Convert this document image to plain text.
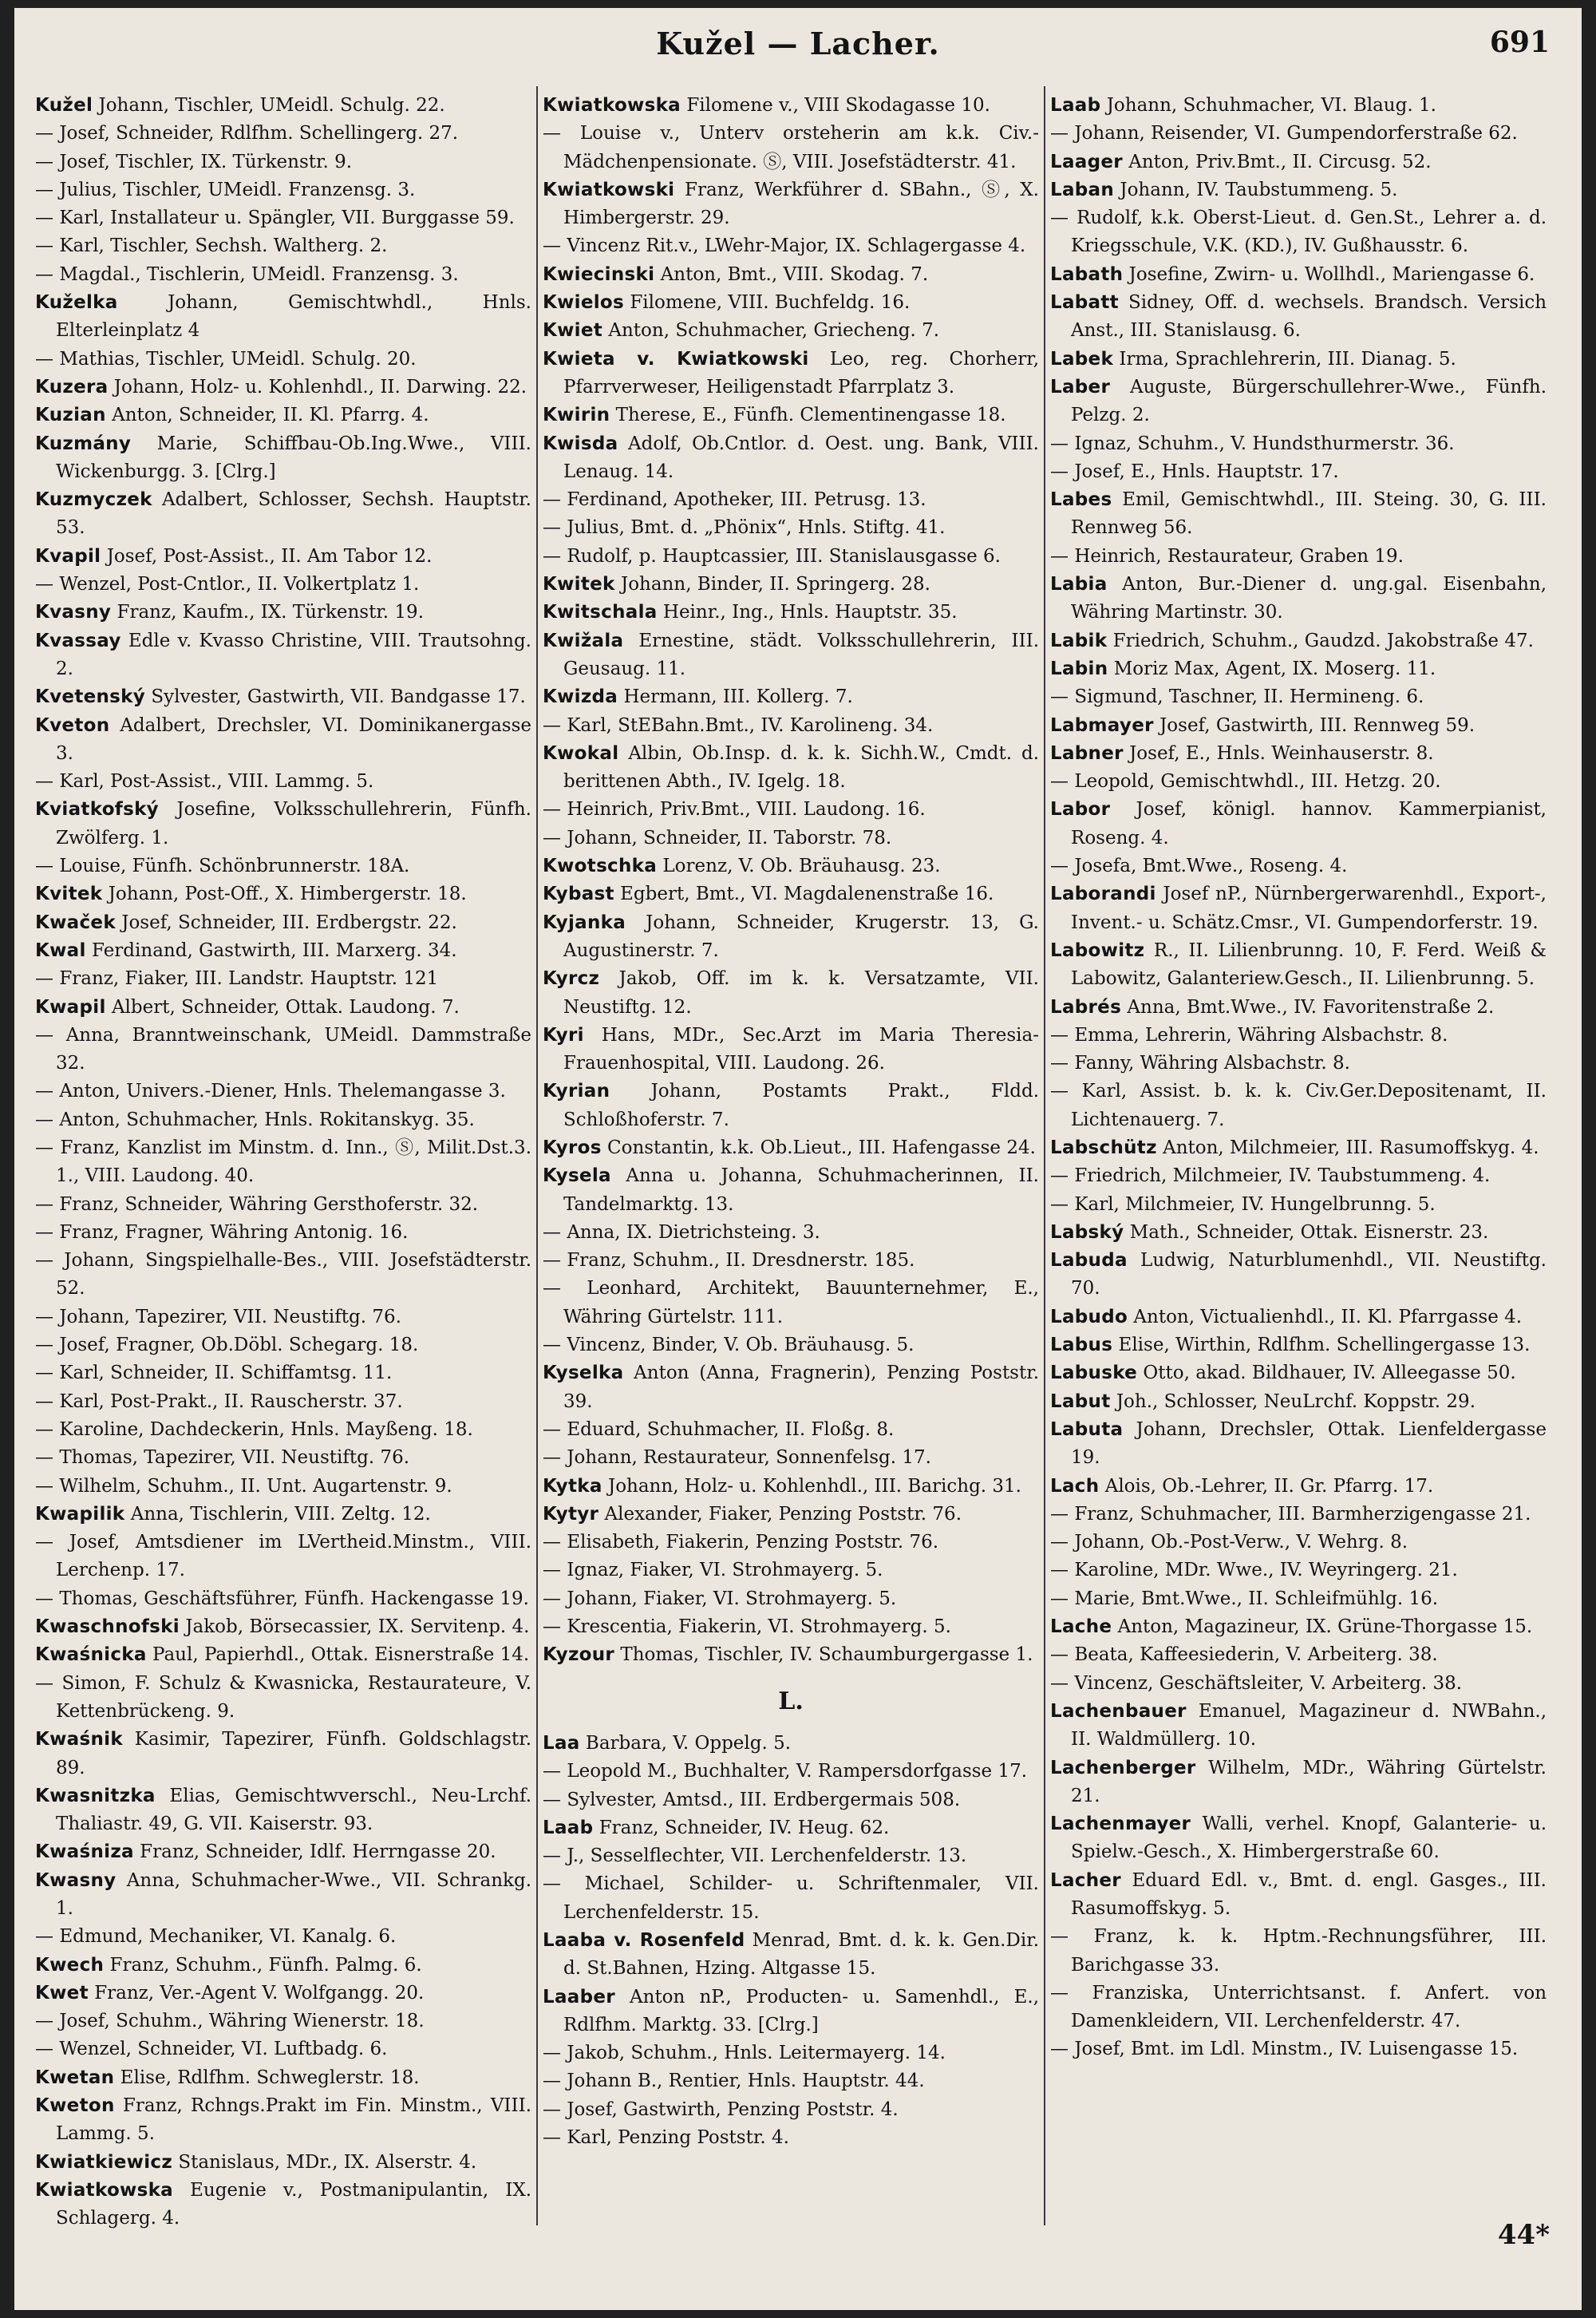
Kužel — Lacher.	691

Kužel Johann, Tischler, UMeidl. Schulg. 22.

— Josef, Schneider, Rdlfhm. Schellingerg. 27.

— Josef, Tischler, IX. Türkenstr. 9.

— Julius, Tischler, UMeidl. Franzensg. 3.

— Karl, Installateur u. Spängler, VII. Burggasse 59.

— Karl, Tischler, Sechsh. Waltherg. 2.

— Magdal., Tischlerin, UMeidl. Franzensg. 3.

Kuželka	Johann, Gemischtwhdl., Hnls. Elterleinplatz 4

— Mathias, Tischler, UMeidl. Schulg. 20.

Kuzera Johann, Holz- u. Kohlenhdl., II. Darwing. 22.

Kuzian Anton, Schneider, II. Kl. Pfarrg. 4.

Kuzmány Marie, Schiffbau-Ob.Ing.Wwe., VIII. Wickenburgg. 3. [Clrg.]

Kuzmyczek Adalbert, Schlosser, Sechsh. Hauptstr. 53.

Kvapil Josef, Post-Assist., II. Am Tabor 12.

— Wenzel, Post-Cntlor., II. Volkertplatz 1.

Kvasny Franz, Kaufm., IX. Türkenstr. 19.

Kvassay Edle v. Kvasso Christine, VIII. Trautsohng. 2.

Kvetenský Sylvester, Gastwirth, VII. Bandgasse 17.

Kveton Adalbert, Drechsler, VI. Dominikanergasse 3.

— Karl, Post-Assist., VIII. Lammg. 5.

Kviatkofský Josefine, Volksschullehrerin, Fünfh. Zwölferg. 1.

— Louise, Fünfh. Schönbrunnerstr. 18A.

Kvitek Johann, Post-Off., X. Himbergerstr. 18.

Kwaček Josef, Schneider, III. Erdbergstr. 22.

Kwal Ferdinand, Gastwirth, III. Marxerg. 34.

— Franz, Fiaker, III. Landstr. Hauptstr. 121

Kwapil Albert, Schneider, Ottak. Laudong. 7.

— Anna, Branntweinschank, UMeidl. Dammstraße 32.

— Anton, Univers.-Diener, Hnls. Thelemangasse 3.

— Anton, Schuhmacher, Hnls. Rokitanskyg. 35.

— Franz, Kanzlist im Minstm. d. Inn., Ⓢ, Milit.Dst.3. 1., VIII. Laudong. 40.

— Franz, Schneider, Währing Gersthoferstr. 32.

— Franz, Fragner, Währing Antonig. 16.

— Johann, Singspielhalle-Bes., VIII. Josefstädterstr. 52.

— Johann, Tapezirer, VII. Neustiftg. 76.

— Josef, Fragner, Ob.Döbl. Schegarg. 18.

— Karl, Schneider, II. Schiffamtsg. 11.

— Karl, Post-Prakt., II. Rauscherstr. 37.

— Karoline, Dachdeckerin, Hnls. Mayßeng. 18.

— Thomas, Tapezirer, VII. Neustiftg. 76.

— Wilhelm, Schuhm., II. Unt. Augartenstr. 9.

Kwapilik Anna, Tischlerin, VIII. Zeltg. 12.

— Josef, Amtsdiener im LVertheid.Minstm., VIII. Lerchenp. 17.

— Thomas, Geschäftsführer, Fünfh. Hackengasse 19.

Kwaschnofski Jakob, Börsecassier, IX. Servitenp. 4.

Kwaśnicka Paul, Papierhdl., Ottak. Eisnerstraße 14.

— Simon, F. Schulz & Kwasnicka, Restaurateure, V. Kettenbrückeng. 9.

Kwaśnik Kasimir, Tapezirer, Fünfh. Goldschlagstr. 89.

Kwasnitzka Elias, Gemischtwverschl., Neu-Lrchf. Thaliastr. 49, G. VII. Kaiserstr. 93.

Kwaśniza Franz, Schneider, Idlf. Herrngasse 20.

Kwasny Anna, Schuhmacher-Wwe., VII. Schrankg. 1.

— Edmund, Mechaniker, VI. Kanalg. 6.

Kwech Franz, Schuhm., Fünfh. Palmg. 6.

Kwet Franz, Ver.-Agent V. Wolfgangg. 20.

— Josef, Schuhm., Währing Wienerstr. 18.

— Wenzel, Schneider, VI. Luftbadg. 6.

Kwetan Elise, Rdlfhm. Schweglerstr. 18.

Kweton Franz, Rchngs.Prakt im Fin. Minstm., VIII. Lammg. 5.

Kwiatkiewicz Stanislaus, MDr., IX. Alserstr. 4.

Kwiatkowska Eugenie v., Postmanipulantin, IX. Schlagerg. 4.

Kwiatkowska Filomene v., VIII Skodagasse 10.

— Louise v., Unterv orsteherin am k.k. Civ.-Mädchenpensionate. Ⓢ, VIII. Josefstädterstr. 41.

Kwiatkowski Franz, Werkführer d. SBahn., Ⓢ, X. Himbergerstr. 29.

— Vincenz Rit.v., LWehr-Major, IX. Schlagergasse 4.

Kwiecinski Anton, Bmt., VIII. Skodag. 7.

Kwielos Filomene, VIII. Buchfeldg. 16.

Kwiet Anton, Schuhmacher, Griecheng. 7.

Kwieta v. Kwiatkowski Leo, reg. Chorherr, Pfarrverweser, Heiligenstadt Pfarrplatz 3.

Kwirin Therese, E., Fünfh. Clementinengasse 18.

Kwisda Adolf, Ob.Cntlor. d. Oest. ung. Bank, VIII. Lenaug. 14.

— Ferdinand, Apotheker, III. Petrusg. 13.

— Julius, Bmt. d. „Phönix“, Hnls. Stiftg. 41.

— Rudolf, p. Hauptcassier, III. Stanislausgasse 6.

Kwitek Johann, Binder, II. Springerg. 28.

Kwitschala Heinr., Ing., Hnls. Hauptstr. 35.

Kwižala Ernestine, städt. Volksschullehrerin, III. Geusaug. 11.

Kwizda Hermann, III. Kollerg. 7.

— Karl, StEBahn.Bmt., IV. Karolineng. 34.

Kwokal Albin, Ob.Insp. d. k. k. Sichh.W., Cmdt. d. berittenen Abth., IV. Igelg. 18.

— Heinrich, Priv.Bmt., VIII. Laudong. 16.

— Johann, Schneider, II. Taborstr. 78.

Kwotschka Lorenz, V. Ob. Bräuhausg. 23.

Kybast Egbert, Bmt., VI. Magdalenenstraße 16.

Kyjanka Johann, Schneider, Krugerstr. 13, G. Augustinerstr. 7.

Kyrcz Jakob, Off. im k. k. Versatzamte, VII. Neustiftg. 12.

Kyri Hans, MDr., Sec.Arzt im Maria Theresia-Frauenhospital, VIII. Laudong. 26.

Kyrian Johann, Postamts Prakt., Fldd. Schloßhoferstr. 7.

Kyros Constantin, k.k. Ob.Lieut., III. Hafengasse 24.

Kysela Anna u. Johanna, Schuhmacherinnen, II. Tandelmarktg. 13.

— Anna, IX. Dietrichsteing. 3.

— Franz, Schuhm., II. Dresdnerstr. 185.

— Leonhard, Architekt, Bauunternehmer, E., Währing Gürtelstr. 111.

— Vincenz, Binder, V. Ob. Bräuhausg. 5.

Kyselka Anton (Anna, Fragnerin), Penzing Poststr. 39.

— Eduard, Schuhmacher, II. Floßg. 8.

— Johann, Restaurateur, Sonnenfelsg. 17.

Kytka Johann, Holz- u. Kohlenhdl., III. Barichg. 31.

Kytyr Alexander, Fiaker, Penzing Poststr. 76.

— Elisabeth, Fiakerin, Penzing Poststr. 76.

— Ignaz, Fiaker, VI. Strohmayerg. 5.

— Johann, Fiaker, VI. Strohmayerg. 5.

— Krescentia, Fiakerin, VI. Strohmayerg. 5.

Kyzour Thomas, Tischler, IV. Schaumburgergasse 1.

L.

Laa Barbara, V. Oppelg. 5.

— Leopold M., Buchhalter, V. Rampersdorfgasse 17.

— Sylvester, Amtsd., III. Erdbergermais 508.

Laab Franz, Schneider, IV. Heug. 62.

— J., Sesselflechter, VII. Lerchenfelderstr. 13.

— Michael, Schilder- u. Schriftenmaler, VII. Lerchenfelderstr. 15.

Laaba v. Rosenfeld Menrad, Bmt. d. k. k. Gen.Dir. d. St.Bahnen, Hzing. Altgasse 15.

Laaber Anton nP., Producten- u. Samenhdl., E., Rdlfhm. Marktg. 33. [Clrg.]

— Jakob, Schuhm., Hnls. Leitermayerg. 14.

— Johann B., Rentier, Hnls. Hauptstr. 44.

— Josef, Gastwirth, Penzing Poststr. 4.

— Karl, Penzing Poststr. 4.

Laab Johann, Schuhmacher, VI. Blaug. 1.

— Johann, Reisender, VI. Gumpendorferstraße 62.

Laager Anton, Priv.Bmt., II. Circusg. 52.

Laban Johann, IV. Taubstummeng. 5.

— Rudolf, k.k. Oberst-Lieut. d. Gen.St., Lehrer a. d. Kriegsschule, V.K. (KD.), IV. Gußhausstr. 6.

Labath Josefine, Zwirn- u. Wollhdl., Mariengasse 6.

Labatt Sidney, Off. d. wechsels. Brandsch. Versich Anst., III. Stanislausg. 6.

Labek Irma, Sprachlehrerin, III. Dianag. 5.

Laber Auguste, Bürgerschullehrer-Wwe., Fünfh. Pelzg. 2.

— Ignaz, Schuhm., V. Hundsthurmerstr. 36.

— Josef, E., Hnls. Hauptstr. 17.

Labes Emil, Gemischtwhdl., III. Steing. 30, G. III. Rennweg 56.

— Heinrich, Restaurateur, Graben 19.

Labia Anton, Bur.-Diener d. ung.gal. Eisenbahn, Währing Martinstr. 30.

Labik Friedrich, Schuhm., Gaudzd. Jakobstraße 47.

Labin Moriz Max, Agent, IX. Moserg. 11.

— Sigmund, Taschner, II. Hermineng. 6.

Labmayer Josef, Gastwirth, III. Rennweg 59.

Labner Josef, E., Hnls. Weinhauserstr. 8.

— Leopold, Gemischtwhdl., III. Hetzg. 20.

Labor Josef, königl. hannov. Kammerpianist, Roseng. 4.

— Josefa, Bmt.Wwe., Roseng. 4.

Laborandi Josef nP., Nürnbergerwarenhdl., Export-, Invent.- u. Schätz.Cmsr., VI. Gumpendorferstr. 19.

Labowitz R., II. Lilienbrunng. 10, F. Ferd. Weiß & Labowitz, Galanteriew.Gesch., II. Lilienbrunng. 5.

Labrés Anna, Bmt.Wwe., IV. Favoritenstraße 2.

— Emma, Lehrerin, Währing Alsbachstr. 8.

— Fanny, Währing Alsbachstr. 8.

— Karl, Assist. b. k. k. Civ.Ger.Depositenamt, II. Lichtenauerg. 7.

Labschütz Anton, Milchmeier, III. Rasumoffskyg. 4.

— Friedrich, Milchmeier, IV. Taubstummeng. 4.

— Karl, Milchmeier, IV. Hungelbrunng. 5.

Labský Math., Schneider, Ottak. Eisnerstr. 23.

Labuda Ludwig, Naturblumenhdl., VII. Neustiftg. 70.

Labudo Anton, Victualienhdl., II. Kl. Pfarrgasse 4.

Labus Elise, Wirthin, Rdlfhm. Schellingergasse 13.

Labuske Otto, akad. Bildhauer, IV. Alleegasse 50.

Labut Joh., Schlosser, NeuLrchf. Koppstr. 29.

Labuta Johann, Drechsler, Ottak. Lienfeldergasse 19.

Lach Alois, Ob.-Lehrer, II. Gr. Pfarrg. 17.

— Franz, Schuhmacher, III. Barmherzigengasse 21.

— Johann, Ob.-Post-Verw., V. Wehrg. 8.

— Karoline, MDr. Wwe., IV. Weyringerg. 21.

— Marie, Bmt.Wwe., II. Schleifmühlg. 16.

Lache Anton, Magazineur, IX. Grüne-Thorgasse 15.

— Beata, Kaffeesiederin, V. Arbeiterg. 38.

— Vincenz, Geschäftsleiter, V. Arbeiterg. 38.

Lachenbauer Emanuel, Magazineur d. NWBahn., II. Waldmüllerg. 10.

Lachenberger Wilhelm, MDr., Währing Gürtelstr. 21.

Lachenmayer Walli, verhel. Knopf, Galanterie- u. Spielw.-Gesch., X. Himbergerstraße 60.

Lacher Eduard Edl. v., Bmt. d. engl. Gasges., III. Rasumoffskyg. 5.

— Franz, k. k. Hptm.-Rechnungsführer, III. Barichgasse 33.

— Franziska, Unterrichtsanst. f. Anfert. von Damenkleidern, VII. Lerchenfelderstr. 47.

— Josef, Bmt. im Ldl. Minstm., IV. Luisengasse 15.

44*
